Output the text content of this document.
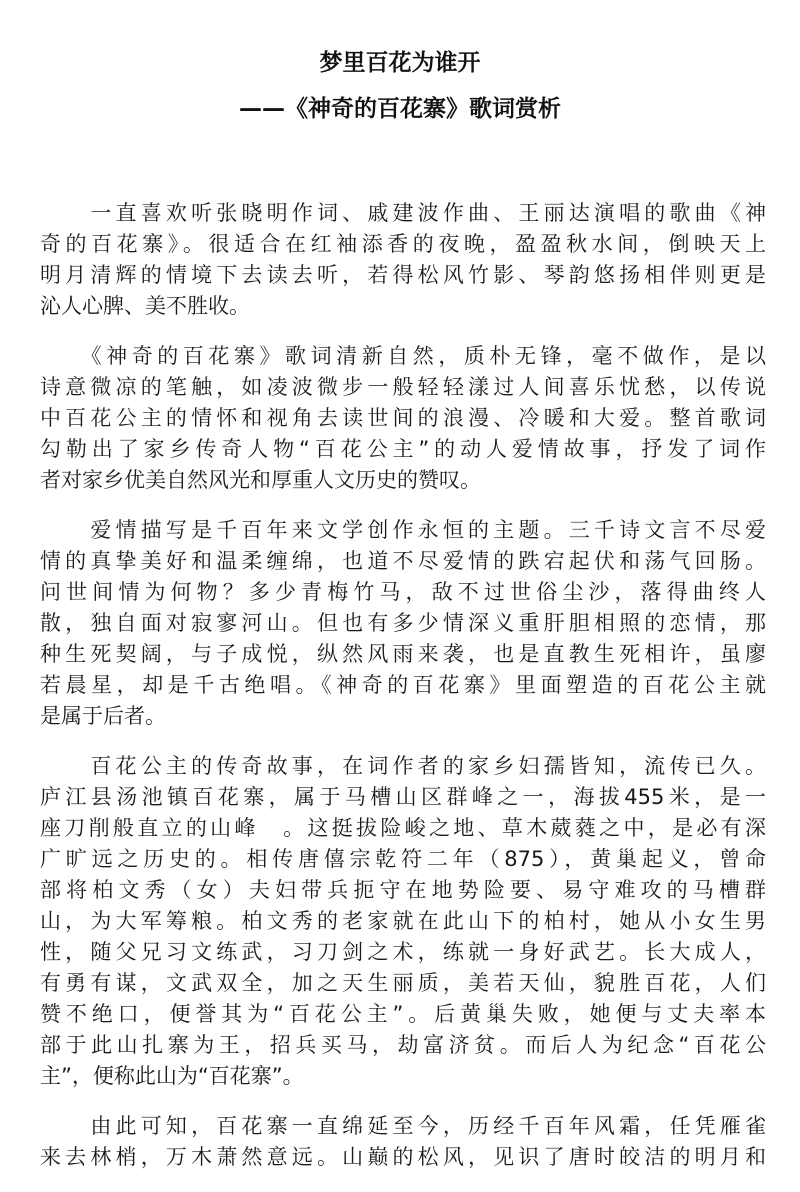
梦里百花为谁开
——《神奇的百花寨》歌词赏析
　　一直喜欢听张晓明作词、戚建波作曲、王丽达演唱的歌曲《神
奇的百花寨》。很适合在红袖添香的夜晚，盈盈秋水间，倒映天上
明月清辉的情境下去读去听，若得松风竹影、琴韵悠扬相伴则更是
沁人心脾、美不胜收。
　　《神奇的百花寨》歌词清新自然，质朴无锋，毫不做作，是以
诗意微凉的笔触，如凌波微步一般轻轻漾过人间喜乐忧愁，以传说
中百花公主的情怀和视角去读世间的浪漫、冷暖和大爱。整首歌词
勾勒出了家乡传奇人物“百花公主”的动人爱情故事，抒发了词作
者对家乡优美自然风光和厚重人文历史的赞叹。
　　爱情描写是千百年来文学创作永恒的主题。三千诗文言不尽爱
情的真挚美好和温柔缠绵，也道不尽爱情的跌宕起伏和荡气回肠。
问世间情为何物？多少青梅竹马，敌不过世俗尘沙，落得曲终人
散，独自面对寂寥河山。但也有多少情深义重肝胆相照的恋情，那
种生死契阔，与子成悦，纵然风雨来袭，也是直教生死相许，虽廖
若晨星，却是千古绝唱。《神奇的百花寨》里面塑造的百花公主就
是属于后者。
　　百花公主的传奇故事，在词作者的家乡妇孺皆知，流传已久。
庐江县汤池镇百花寨，属于马槽山区群峰之一，海拔455米，是一
座刀削般直立的山峰　。这挺拔险峻之地、草木葳蕤之中，是必有深
广旷远之历史的。相传唐僖宗乾符二年（875），黄巢起义，曾命
部将柏文秀（女）夫妇带兵扼守在地势险要、易守难攻的马槽群
山，为大军筹粮。柏文秀的老家就在此山下的柏村，她从小女生男
性，随父兄习文练武，习刀剑之术，练就一身好武艺。长大成人，
有勇有谋，文武双全，加之天生丽质，美若天仙，貌胜百花，人们
赞不绝口，便誉其为“百花公主”。后黄巢失败，她便与丈夫率本
部于此山扎寨为王，招兵买马，劫富济贫。而后人为纪念“百花公
主”，便称此山为“百花寨”。
　　由此可知，百花寨一直绵延至今，历经千百年风霜，任凭雁雀
来去林梢，万木萧然意远。山巅的松风，见识了唐时皎洁的明月和
